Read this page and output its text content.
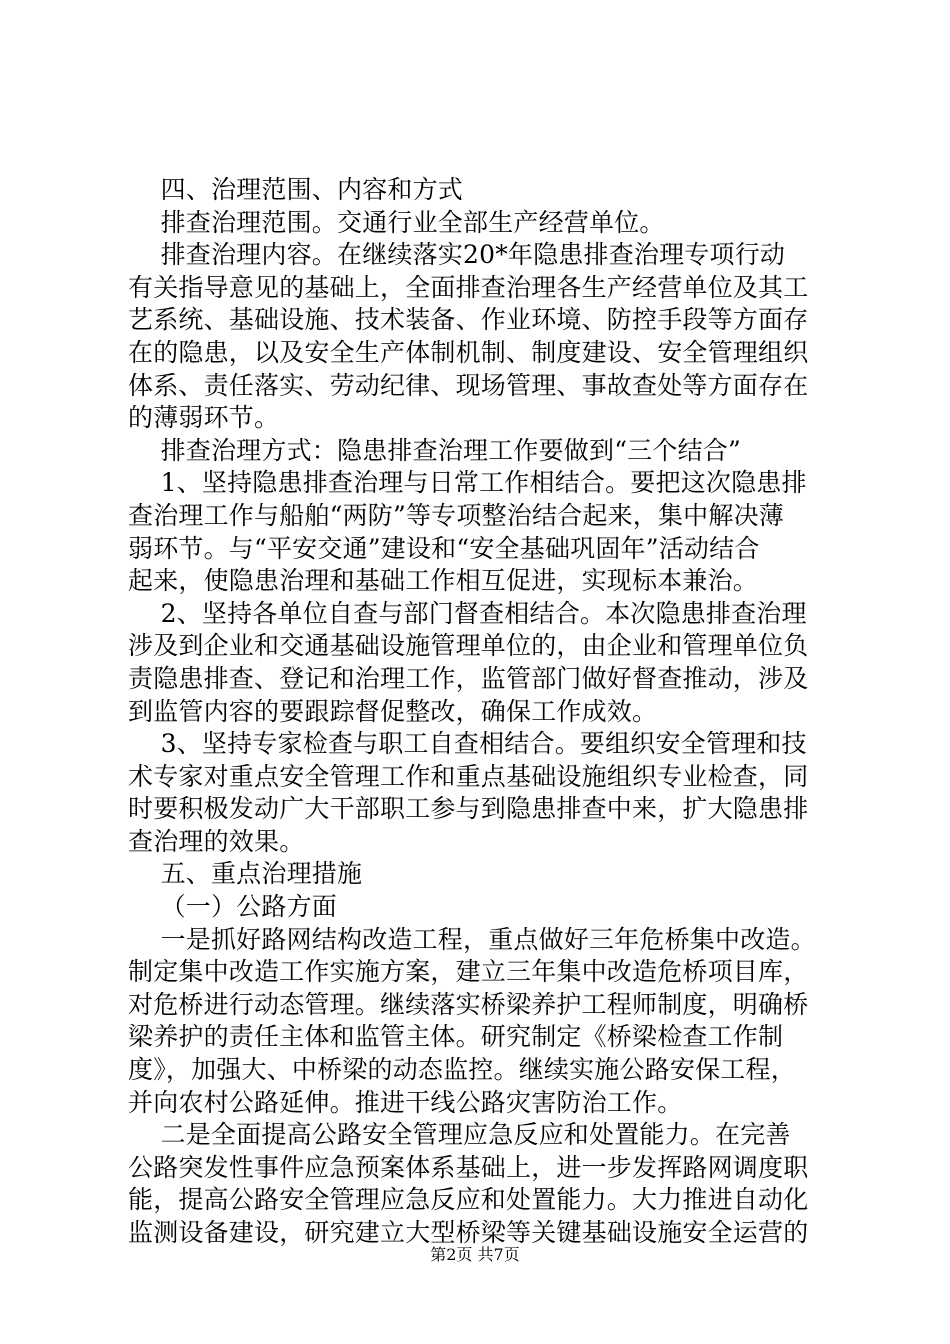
四、治理范围、内容和方式
排查治理范围。交通行业全部生产经营单位。
排查治理内容。在继续落实20*年隐患排查治理专项行动
有关指导意见的基础上，全面排查治理各生产经营单位及其工
艺系统、基础设施、技术装备、作业环境、防控手段等方面存
在的隐患，以及安全生产体制机制、制度建设、安全管理组织
体系、责任落实、劳动纪律、现场管理、事故查处等方面存在
的薄弱环节。
排查治理方式：隐患排查治理工作要做到“三个结合”
1、坚持隐患排查治理与日常工作相结合。要把这次隐患排
查治理工作与船舶“两防”等专项整治结合起来，集中解决薄
弱环节。与“平安交通”建设和“安全基础巩固年”活动结合
起来，使隐患治理和基础工作相互促进，实现标本兼治。
2、坚持各单位自查与部门督查相结合。本次隐患排查治理
涉及到企业和交通基础设施管理单位的，由企业和管理单位负
责隐患排查、登记和治理工作，监管部门做好督查推动，涉及
到监管内容的要跟踪督促整改，确保工作成效。
3、坚持专家检查与职工自查相结合。要组织安全管理和技
术专家对重点安全管理工作和重点基础设施组织专业检查，同
时要积极发动广大干部职工参与到隐患排查中来，扩大隐患排
查治理的效果。
五、重点治理措施
（一）公路方面
一是抓好路网结构改造工程，重点做好三年危桥集中改造。
制定集中改造工作实施方案，建立三年集中改造危桥项目库，
对危桥进行动态管理。继续落实桥梁养护工程师制度，明确桥
梁养护的责任主体和监管主体。研究制定《桥梁检查工作制
度》，加强大、中桥梁的动态监控。继续实施公路安保工程，
并向农村公路延伸。推进干线公路灾害防治工作。
二是全面提高公路安全管理应急反应和处置能力。在完善
公路突发性事件应急预案体系基础上，进一步发挥路网调度职
能，提高公路安全管理应急反应和处置能力。大力推进自动化
监测设备建设，研究建立大型桥梁等关键基础设施安全运营的
第2页 共7页
